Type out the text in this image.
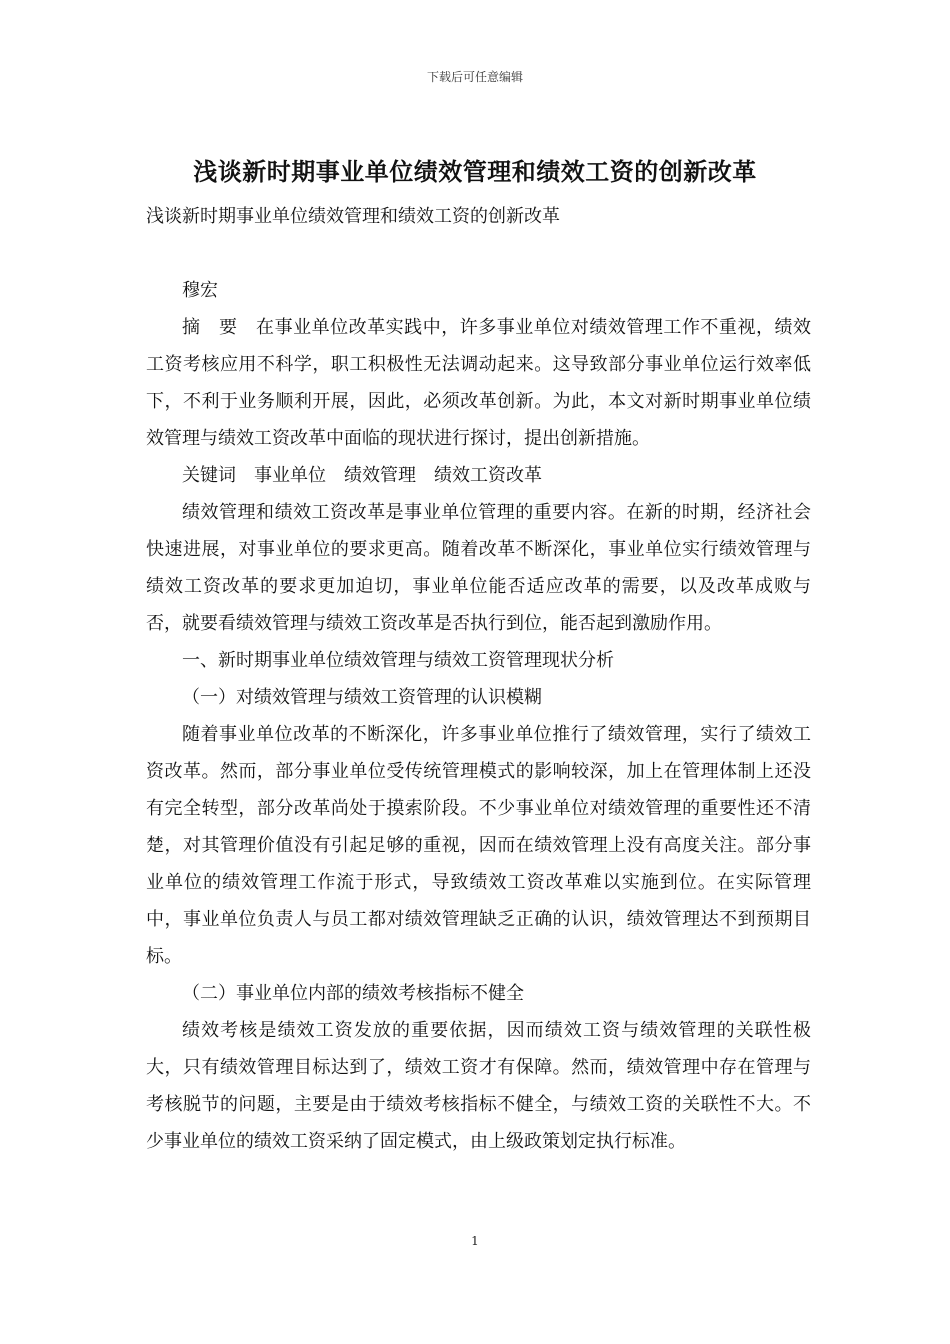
下载后可任意编辑
浅谈新时期事业单位绩效管理和绩效工资的创新改革

浅谈新时期事业单位绩效管理和绩效工资的创新改革

穆宏

摘　要　在事业单位改革实践中，许多事业单位对绩效管理工作不重视，绩效工资考核应用不科学，职工积极性无法调动起来。这导致部分事业单位运行效率低下，不利于业务顺利开展，因此，必须改革创新。为此，本文对新时期事业单位绩效管理与绩效工资改革中面临的现状进行探讨，提出创新措施。

关键词　事业单位　绩效管理　绩效工资改革

绩效管理和绩效工资改革是事业单位管理的重要内容。在新的时期，经济社会快速进展，对事业单位的要求更高。随着改革不断深化，事业单位实行绩效管理与绩效工资改革的要求更加迫切，事业单位能否适应改革的需要，以及改革成败与否，就要看绩效管理与绩效工资改革是否执行到位，能否起到激励作用。

一、新时期事业单位绩效管理与绩效工资管理现状分析

（一）对绩效管理与绩效工资管理的认识模糊

随着事业单位改革的不断深化，许多事业单位推行了绩效管理，实行了绩效工资改革。然而，部分事业单位受传统管理模式的影响较深，加上在管理体制上还没有完全转型，部分改革尚处于摸索阶段。不少事业单位对绩效管理的重要性还不清楚，对其管理价值没有引起足够的重视，因而在绩效管理上没有高度关注。部分事业单位的绩效管理工作流于形式，导致绩效工资改革难以实施到位。在实际管理中，事业单位负责人与员工都对绩效管理缺乏正确的认识，绩效管理达不到预期目标。

（二）事业单位内部的绩效考核指标不健全

绩效考核是绩效工资发放的重要依据，因而绩效工资与绩效管理的关联性极大，只有绩效管理目标达到了，绩效工资才有保障。然而，绩效管理中存在管理与考核脱节的问题，主要是由于绩效考核指标不健全，与绩效工资的关联性不大。不少事业单位的绩效工资采纳了固定模式，由上级政策划定执行标准。

1
